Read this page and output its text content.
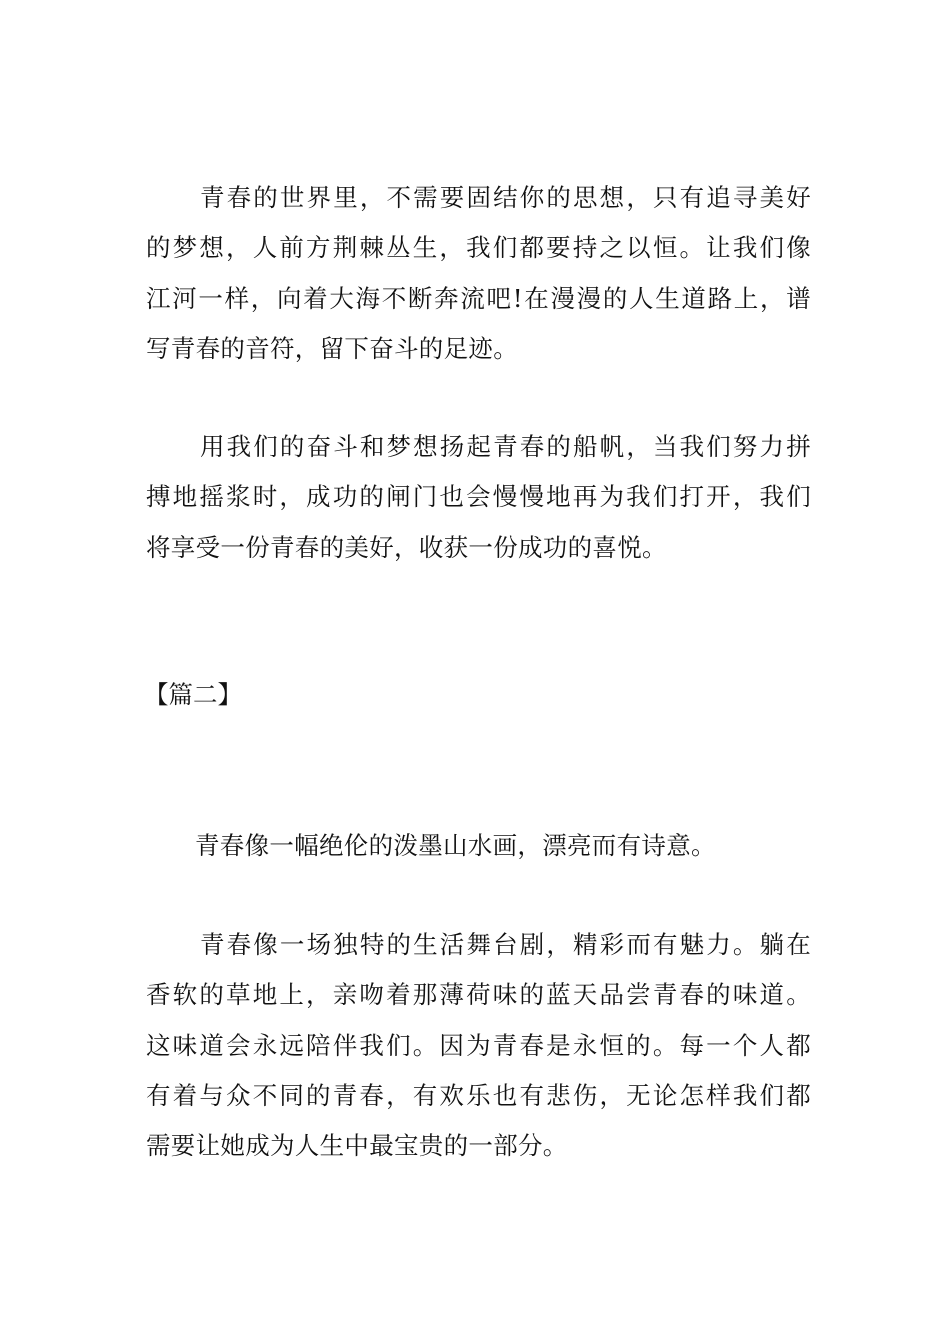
青春的世界里，不需要固结你的思想，只有追寻美好
的梦想，人前方荆棘丛生，我们都要持之以恒。让我们像
江河一样，向着大海不断奔流吧!在漫漫的人生道路上，谱
写青春的音符，留下奋斗的足迹。
用我们的奋斗和梦想扬起青春的船帆，当我们努力拼
搏地摇浆时，成功的闸门也会慢慢地再为我们打开，我们
将享受一份青春的美好，收获一份成功的喜悦。
【篇二】
青春像一幅绝伦的泼墨山水画，漂亮而有诗意。
青春像一场独特的生活舞台剧，精彩而有魅力。躺在
香软的草地上，亲吻着那薄荷味的蓝天品尝青春的味道。
这味道会永远陪伴我们。因为青春是永恒的。每一个人都
有着与众不同的青春，有欢乐也有悲伤，无论怎样我们都
需要让她成为人生中最宝贵的一部分。
